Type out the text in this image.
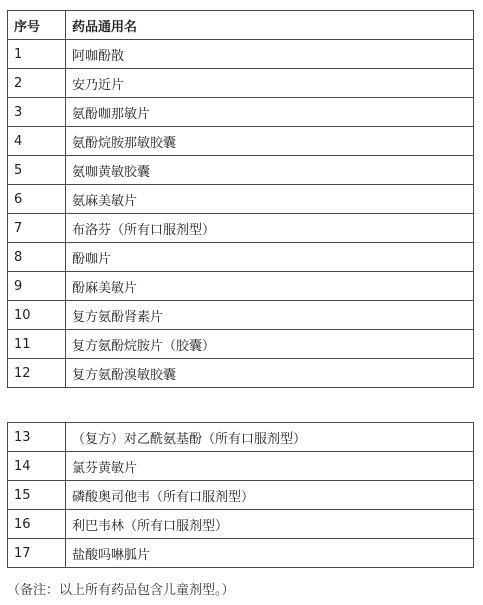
序号	药品通用名
1	阿咖酚散
2	安乃近片
3	氨酚咖那敏片
4	氨酚烷胺那敏胶囊
5	氨咖黄敏胶囊
6	氨麻美敏片
7	布洛芬（所有口服剂型）
8	酚咖片
9	酚麻美敏片
10	复方氨酚肾素片
11	复方氨酚烷胺片（胶囊）
12	复方氨酚溴敏胶囊
13	（复方）对乙酰氨基酚（所有口服剂型）
14	氯芬黄敏片
15	磷酸奥司他韦（所有口服剂型）
16	利巴韦林（所有口服剂型）
17	盐酸吗啉胍片
（备注：以上所有药品包含儿童剂型。）
